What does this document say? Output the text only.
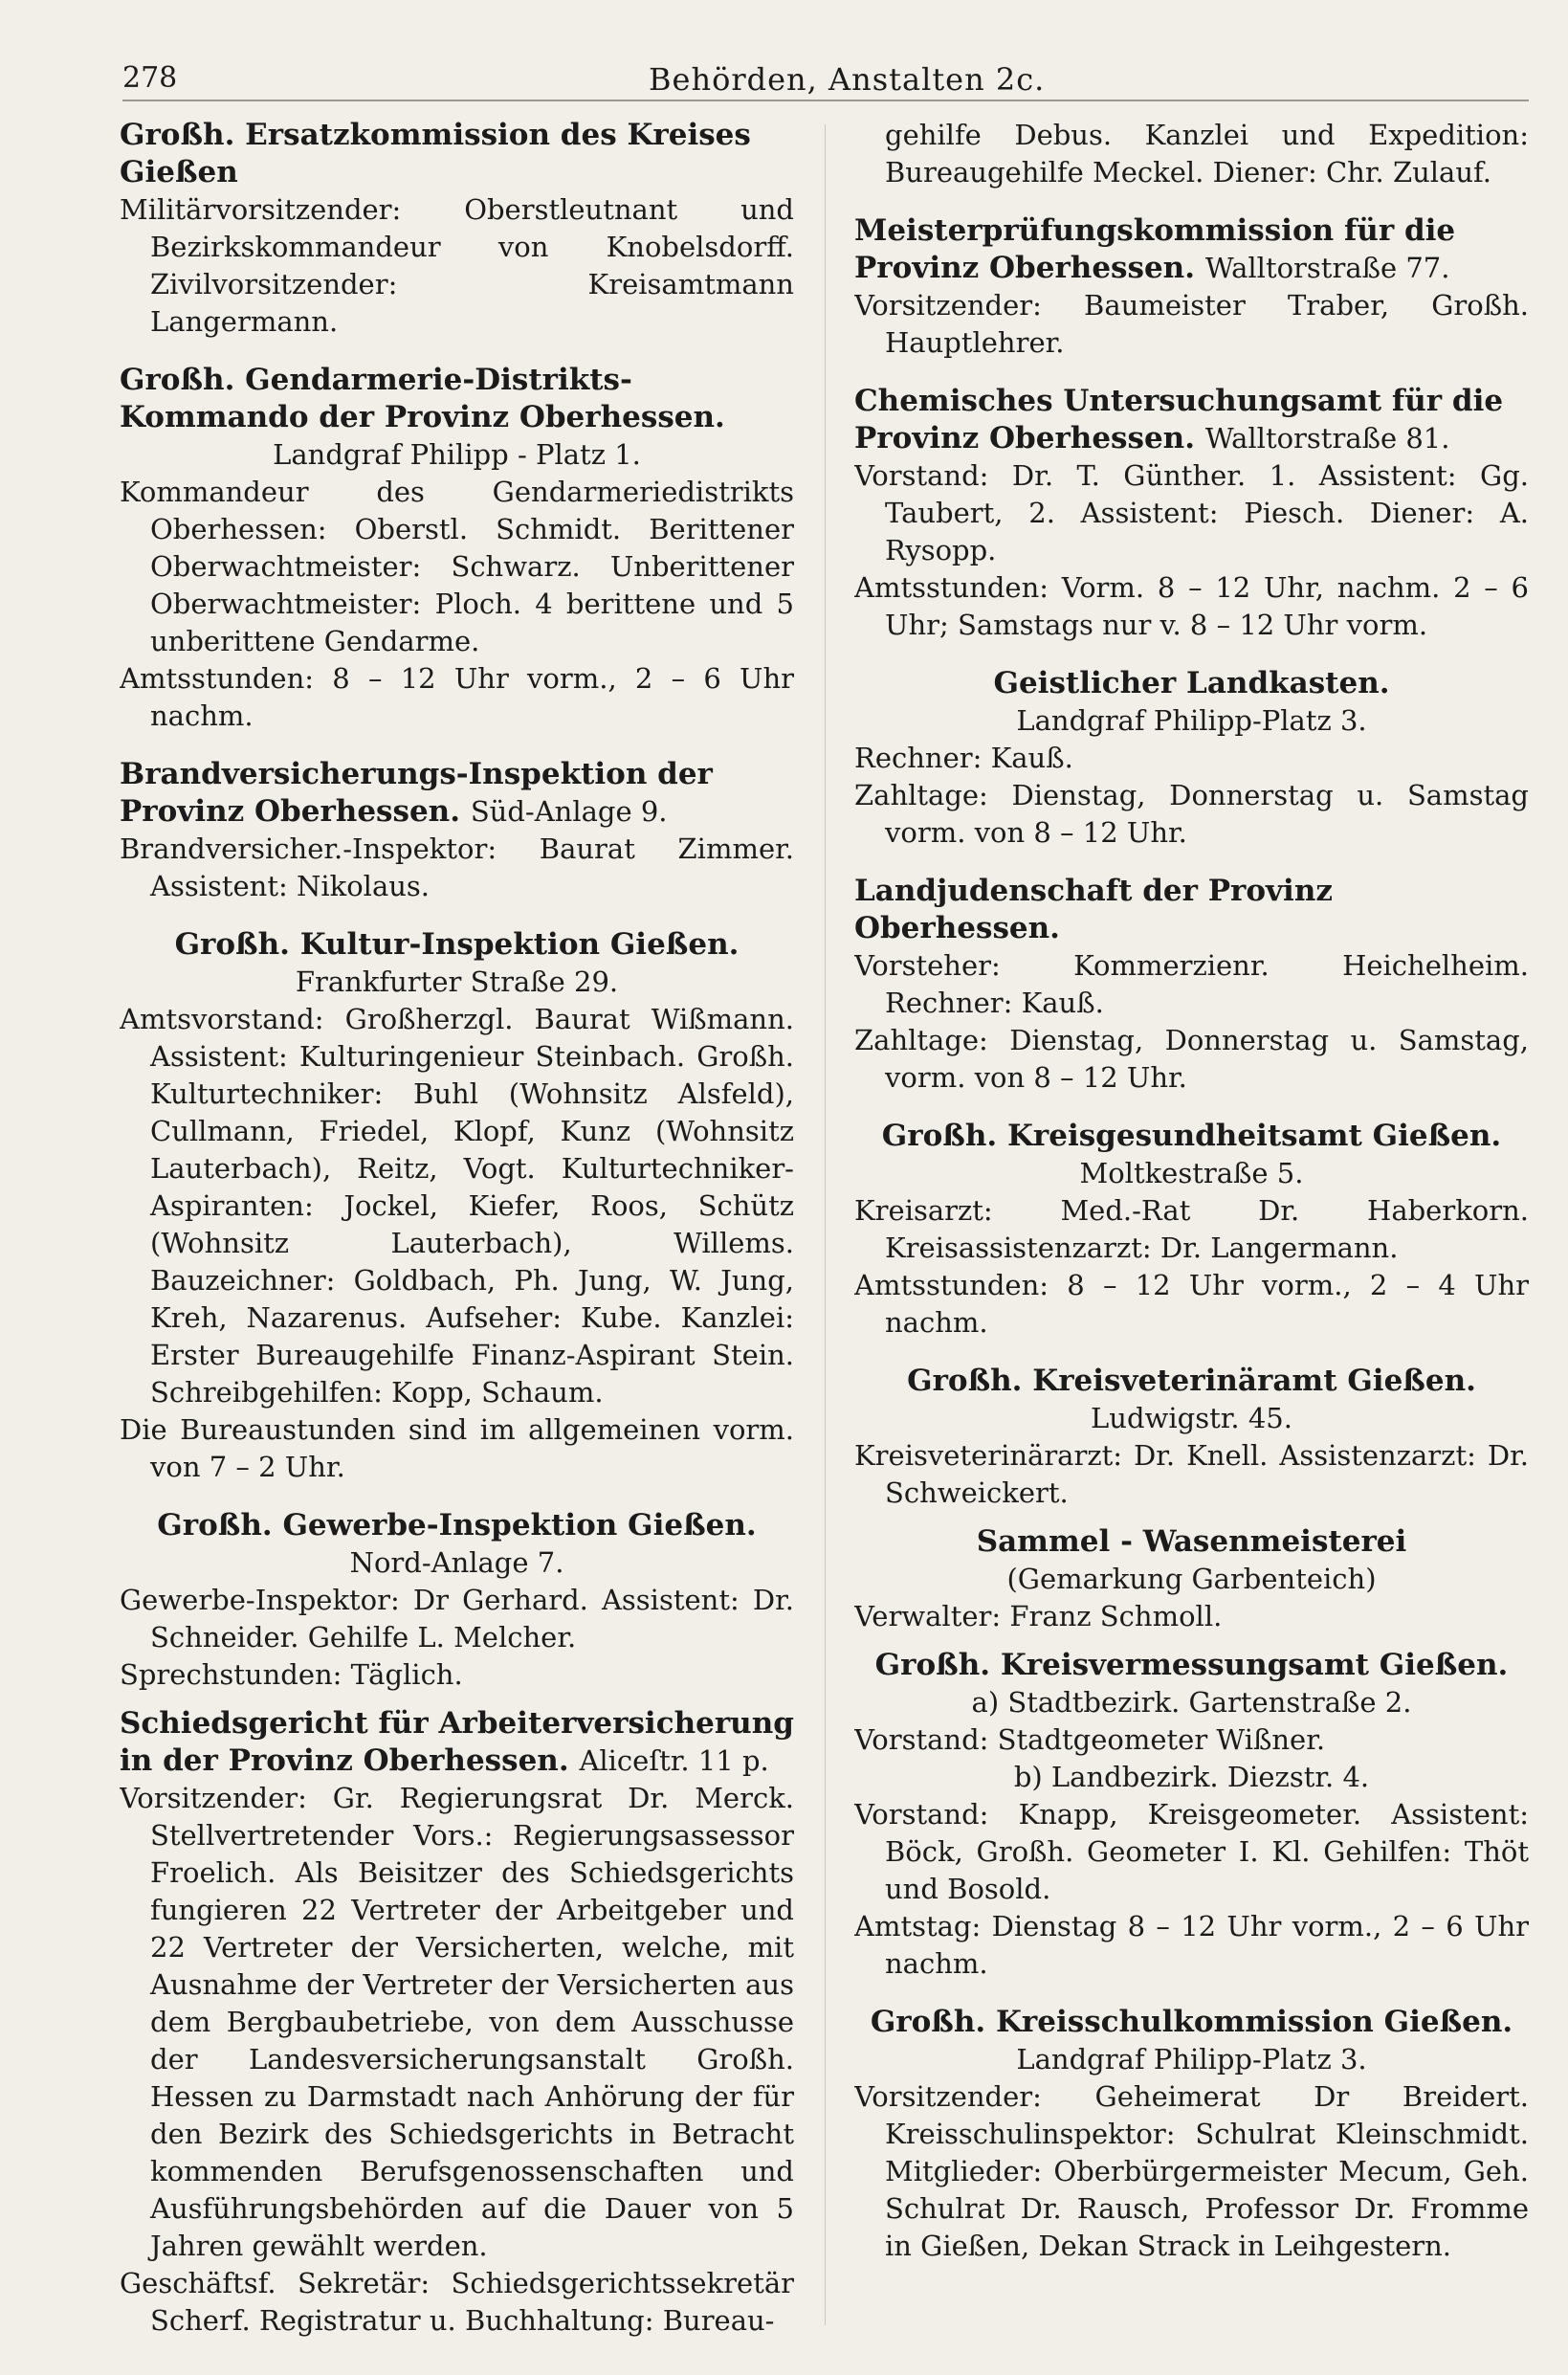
278	Behörden, Anstalten 2c.

Großh. Ersatzkommission des Kreises Gießen

Militärvorsitzender: Oberstleutnant und Bezirkskommandeur von Knobelsdorff. Zivilvorsitzender: Kreisamtmann Langermann.

Großh. Gendarmerie-Distrikts-Kommando der Provinz Oberhessen.

Landgraf Philipp - Platz 1.

Kommandeur des Gendarmeriedistrikts Oberhessen: Oberstl. Schmidt. Berittener Oberwachtmeister: Schwarz. Unberittener Oberwachtmeister: Ploch. 4 berittene und 5 unberittene Gendarme.

Amtsstunden: 8 – 12 Uhr vorm., 2 – 6 Uhr nachm.

Brandversicherungs-Inspektion der Provinz Oberhessen. Süd-Anlage 9.

Brandversicher.-Inspektor: Baurat Zimmer. Assistent: Nikolaus.

Großh. Kultur-Inspektion Gießen.

Frankfurter Straße 29.

Amtsvorstand: Großherzgl. Baurat Wißmann. Assistent: Kulturingenieur Steinbach. Großh. Kulturtechniker: Buhl (Wohnsitz Alsfeld), Cullmann, Friedel, Klopf, Kunz (Wohnsitz Lauterbach), Reitz, Vogt. Kulturtechniker-Aspiranten: Jockel, Kiefer, Roos, Schütz (Wohnsitz Lauterbach), Willems. Bauzeichner: Goldbach, Ph. Jung, W. Jung, Kreh, Nazarenus. Aufseher: Kube. Kanzlei: Erster Bureaugehilfe Finanz-Aspirant Stein. Schreibgehilfen: Kopp, Schaum.

Die Bureaustunden sind im allgemeinen vorm. von 7 – 2 Uhr.

Großh. Gewerbe-Inspektion Gießen.

Nord-Anlage 7.

Gewerbe-Inspektor: Dr Gerhard. Assistent: Dr. Schneider. Gehilfe L. Melcher.

Sprechstunden: Täglich.

Schiedsgericht für Arbeiterversicherung in der Provinz Oberhessen. Aliceſtr. 11 p.

Vorsitzender: Gr. Regierungsrat Dr. Merck. Stellvertretender Vors.: Regierungsassessor Froelich. Als Beisitzer des Schiedsgerichts fungieren 22 Vertreter der Arbeitgeber und 22 Vertreter der Versicherten, welche, mit Ausnahme der Vertreter der Versicherten aus dem Bergbaubetriebe, von dem Ausschusse der Landesversicherungsanstalt Großh. Hessen zu Darmstadt nach Anhörung der für den Bezirk des Schiedsgerichts in Betracht kommenden Berufsgenossenschaften und Ausführungsbehörden auf die Dauer von 5 Jahren gewählt werden.

Geschäftsf. Sekretär: Schiedsgerichtssekretär Scherf. Registratur u. Buchhaltung: Bureau-

gehilfe Debus. Kanzlei und Expedition: Bureaugehilfe Meckel. Diener: Chr. Zulauf.

Meisterprüfungskommission für die Provinz Oberhessen. Walltorstraße 77.

Vorsitzender: Baumeister Traber, Großh. Hauptlehrer.

Chemisches Untersuchungsamt für die Provinz Oberhessen. Walltorstraße 81.

Vorstand: Dr. T. Günther. 1. Assistent: Gg. Taubert, 2. Assistent: Piesch. Diener: A. Rysopp.

Amtsstunden: Vorm. 8 – 12 Uhr, nachm. 2 – 6 Uhr; Samstags nur v. 8 – 12 Uhr vorm.

Geistlicher Landkasten.

Landgraf Philipp-Platz 3.

Rechner: Kauß.

Zahltage: Dienstag, Donnerstag u. Samstag vorm. von 8 – 12 Uhr.

Landjudenschaft der Provinz Oberhessen.

Vorsteher: Kommerzienr. Heichelheim. Rechner: Kauß.

Zahltage: Dienstag, Donnerstag u. Samstag, vorm. von 8 – 12 Uhr.

Großh. Kreisgesundheitsamt Gießen.

Moltkestraße 5.

Kreisarzt: Med.-Rat Dr. Haberkorn. Kreisassistenzarzt: Dr. Langermann.

Amtsstunden: 8 – 12 Uhr vorm., 2 – 4 Uhr nachm.

Großh. Kreisveterinäramt Gießen.

Ludwigstr. 45.

Kreisveterinärarzt: Dr. Knell. Assistenzarzt: Dr. Schweickert.

Sammel - Wasenmeisterei

(Gemarkung Garbenteich)

Verwalter: Franz Schmoll.

Großh. Kreisvermessungsamt Gießen.

a) Stadtbezirk. Gartenstraße 2.

Vorstand: Stadtgeometer Wißner.

b) Landbezirk. Diezstr. 4.

Vorstand: Knapp, Kreisgeometer. Assistent: Böck, Großh. Geometer I. Kl. Gehilfen: Thöt und Bosold.

Amtstag: Dienstag 8 – 12 Uhr vorm., 2 – 6 Uhr nachm.

Großh. Kreisschulkommission Gießen.

Landgraf Philipp-Platz 3.

Vorsitzender: Geheimerat Dr Breidert. Kreisschulinspektor: Schulrat Kleinschmidt. Mitglieder: Oberbürgermeister Mecum, Geh. Schulrat Dr. Rausch, Professor Dr. Fromme in Gießen, Dekan Strack in Leihgestern.
